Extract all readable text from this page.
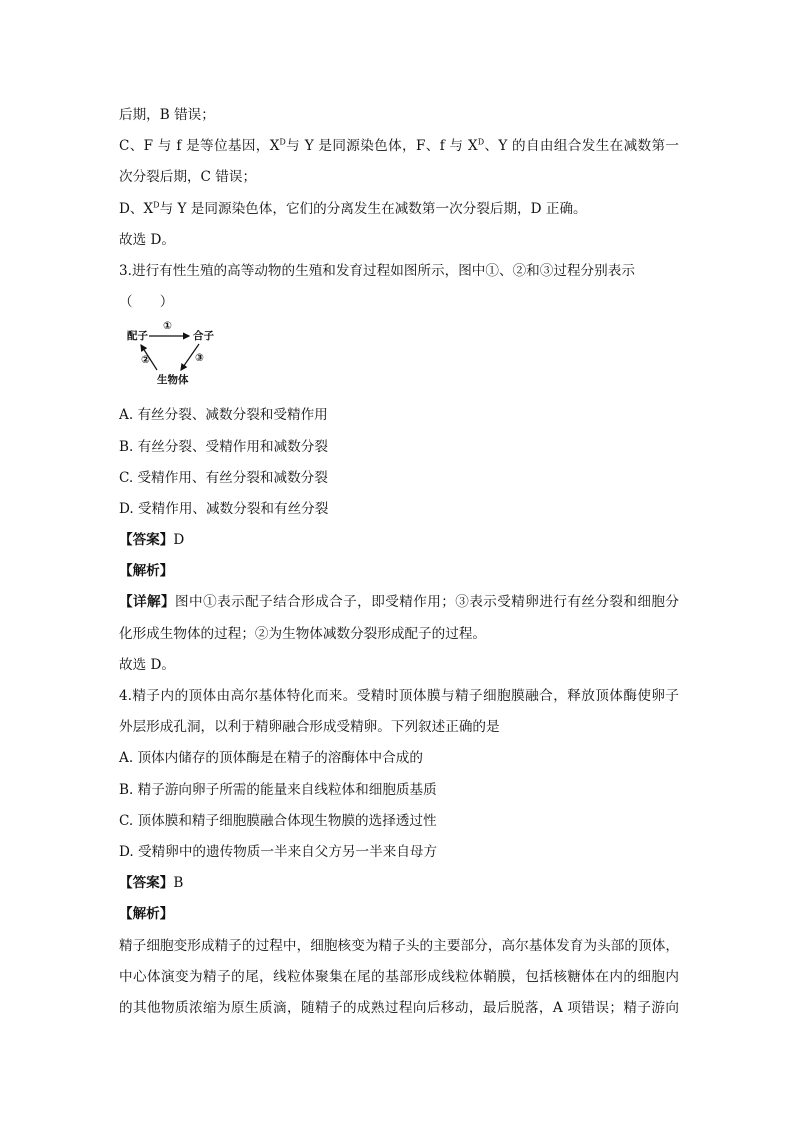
后期，B 错误；
C、F 与 f 是等位基因，$X^D$与 Y 是同源染色体，F、f 与 $X^D$、Y 的自由组合发生在减数第一
次分裂后期，C 错误；
D、$X^D$与 Y 是同源染色体，它们的分离发生在减数第一次分裂后期，D 正确。
故选 D。
3.进行有性生殖的高等动物的生殖和发育过程如图所示，图中①、②和③过程分别表示
（　　）
配子	合子
生物体
①
②	③
A. 有丝分裂、减数分裂和受精作用
B. 有丝分裂、受精作用和减数分裂
C. 受精作用、有丝分裂和减数分裂
D. 受精作用、减数分裂和有丝分裂
【答案】D
【解析】
【详解】图中①表示配子结合形成合子，即受精作用；③表示受精卵进行有丝分裂和细胞分
化形成生物体的过程；②为生物体减数分裂形成配子的过程。
故选 D。
4.精子内的顶体由高尔基体特化而来。受精时顶体膜与精子细胞膜融合，释放顶体酶使卵子
外层形成孔洞，以利于精卵融合形成受精卵。下列叙述正确的是
A. 顶体内储存的顶体酶是在精子的溶酶体中合成的
B. 精子游向卵子所需的能量来自线粒体和细胞质基质
C. 顶体膜和精子细胞膜融合体现生物膜的选择透过性
D. 受精卵中的遗传物质一半来自父方另一半来自母方
【答案】B
【解析】
精子细胞变形成精子的过程中，细胞核变为精子头的主要部分，高尔基体发育为头部的顶体，
中心体演变为精子的尾，线粒体聚集在尾的基部形成线粒体鞘膜，包括核糖体在内的细胞内
的其他物质浓缩为原生质滴，随精子的成熟过程向后移动，最后脱落，A 项错误；精子游向
